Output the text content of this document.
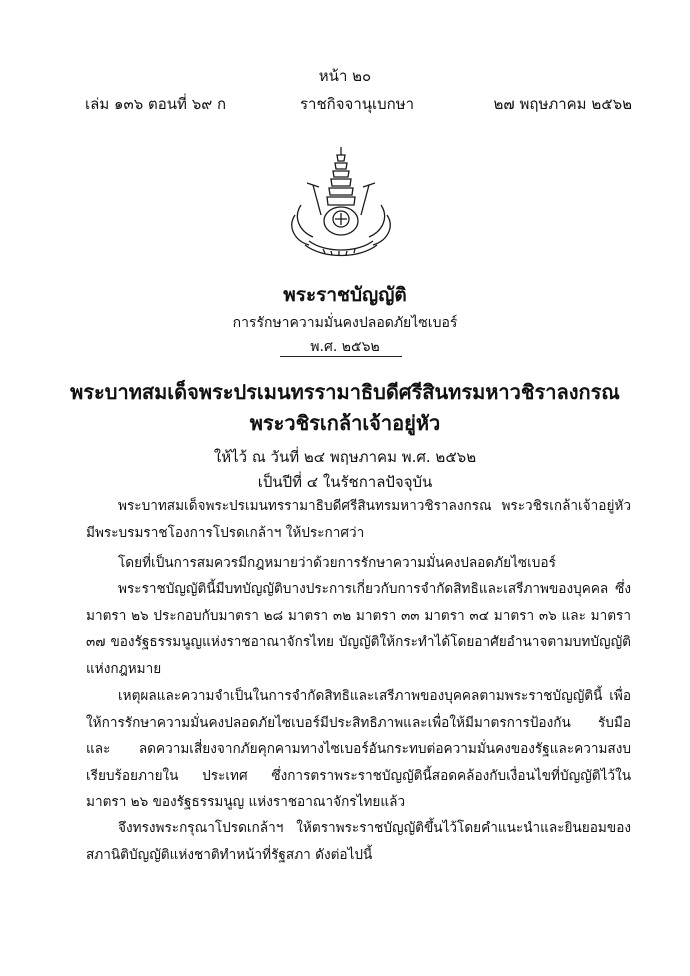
หน้า ๒๐
เล่ม ๑๓๖ ตอนที่ ๖๙ ก	ราชกิจจานุเบกษา	๒๗ พฤษภาคม ๒๕๖๒
พระราชบัญญัติ
การรักษาความมั่นคงปลอดภัยไซเบอร์
พ.ศ. ๒๕๖๒
พระบาทสมเด็จพระปรเมนทรรามาธิบดีศรีสินทรมหาวชิราลงกรณ
พระวชิรเกล้าเจ้าอยู่หัว
ให้ไว้ ณ วันที่ ๒๔ พฤษภาคม พ.ศ. ๒๕๖๒
เป็นปีที่ ๔ ในรัชกาลปัจจุบัน

พระบาทสมเด็จพระปรเมนทรรามาธิบดีศรีสินทรมหาวชิราลงกรณ พระวชิรเกล้าเจ้าอยู่หัว มีพระบรมราชโองการโปรดเกล้าฯ ให้ประกาศว่า

โดยที่เป็นการสมควรมีกฎหมายว่าด้วยการรักษาความมั่นคงปลอดภัยไซเบอร์

พระราชบัญญัตินี้มีบทบัญญัติบางประการเกี่ยวกับการจำกัดสิทธิและเสรีภาพของบุคคล ซึ่งมาตรา ๒๖ ประกอบกับมาตรา ๒๘ มาตรา ๓๒ มาตรา ๓๓ มาตรา ๓๔ มาตรา ๓๖ และ มาตรา ๓๗ ของรัฐธรรมนูญแห่งราชอาณาจักรไทย บัญญัติให้กระทำได้โดยอาศัยอำนาจตามบทบัญญัติ แห่งกฎหมาย

เหตุผลและความจำเป็นในการจำกัดสิทธิและเสรีภาพของบุคคลตามพระราชบัญญัตินี้ เพื่อให้การรักษาความมั่นคงปลอดภัยไซเบอร์มีประสิทธิภาพและเพื่อให้มีมาตรการป้องกัน รับมือ และ ลดความเสี่ยงจากภัยคุกคามทางไซเบอร์อันกระทบต่อความมั่นคงของรัฐและความสงบเรียบร้อยภายใน ประเทศ ซึ่งการตราพระราชบัญญัตินี้สอดคล้องกับเงื่อนไขที่บัญญัติไว้ในมาตรา ๒๖ ของรัฐธรรมนูญ แห่งราชอาณาจักรไทยแล้ว

จึงทรงพระกรุณาโปรดเกล้าฯ ให้ตราพระราชบัญญัติขึ้นไว้โดยคำแนะนำและยินยอมของ สภานิติบัญญัติแห่งชาติทำหน้าที่รัฐสภา ดังต่อไปนี้
